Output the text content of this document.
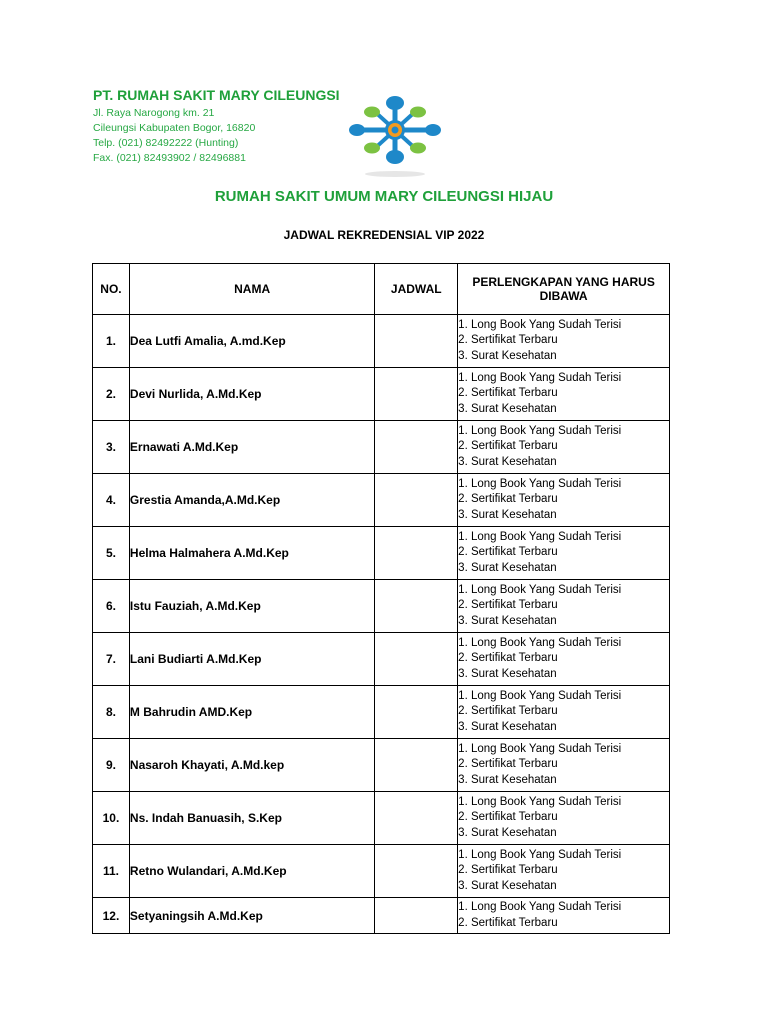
PT. RUMAH SAKIT MARY CILEUNGSI
Jl. Raya Narogong km. 21
Cileungsi Kabupaten Bogor, 16820
Telp. (021) 82492222 (Hunting)
Fax. (021) 82493902 / 82496881
RUMAH SAKIT UMUM MARY CILEUNGSI HIJAU
JADWAL REKREDENSIAL VIP 2022
NO.	NAMA	JADWAL	PERLENGKAPAN YANG HARUS
DIBAWA

1.	Dea Lutfi Amalia, A.md.Kep		1. Long Book Yang Sudah Terisi
2. Sertifikat Terbaru
3. Surat Kesehatan

2.	Devi Nurlida, A.Md.Kep		1. Long Book Yang Sudah Terisi
2. Sertifikat Terbaru
3. Surat Kesehatan

3.	Ernawati A.Md.Kep		1. Long Book Yang Sudah Terisi
2. Sertifikat Terbaru
3. Surat Kesehatan

4.	Grestia Amanda,A.Md.Kep		1. Long Book Yang Sudah Terisi
2. Sertifikat Terbaru
3. Surat Kesehatan

5.	Helma Halmahera A.Md.Kep		1. Long Book Yang Sudah Terisi
2. Sertifikat Terbaru
3. Surat Kesehatan

6.	Istu Fauziah, A.Md.Kep		1. Long Book Yang Sudah Terisi
2. Sertifikat Terbaru
3. Surat Kesehatan

7.	Lani Budiarti A.Md.Kep		1. Long Book Yang Sudah Terisi
2. Sertifikat Terbaru
3. Surat Kesehatan

8.	M Bahrudin AMD.Kep		1. Long Book Yang Sudah Terisi
2. Sertifikat Terbaru
3. Surat Kesehatan

9.	Nasaroh Khayati, A.Md.kep		1. Long Book Yang Sudah Terisi
2. Sertifikat Terbaru
3. Surat Kesehatan

10.	Ns. Indah Banuasih, S.Kep		1. Long Book Yang Sudah Terisi
2. Sertifikat Terbaru
3. Surat Kesehatan

11.	Retno Wulandari, A.Md.Kep		1. Long Book Yang Sudah Terisi
2. Sertifikat Terbaru
3. Surat Kesehatan

12.	Setyaningsih A.Md.Kep		1. Long Book Yang Sudah Terisi
2. Sertifikat Terbaru
